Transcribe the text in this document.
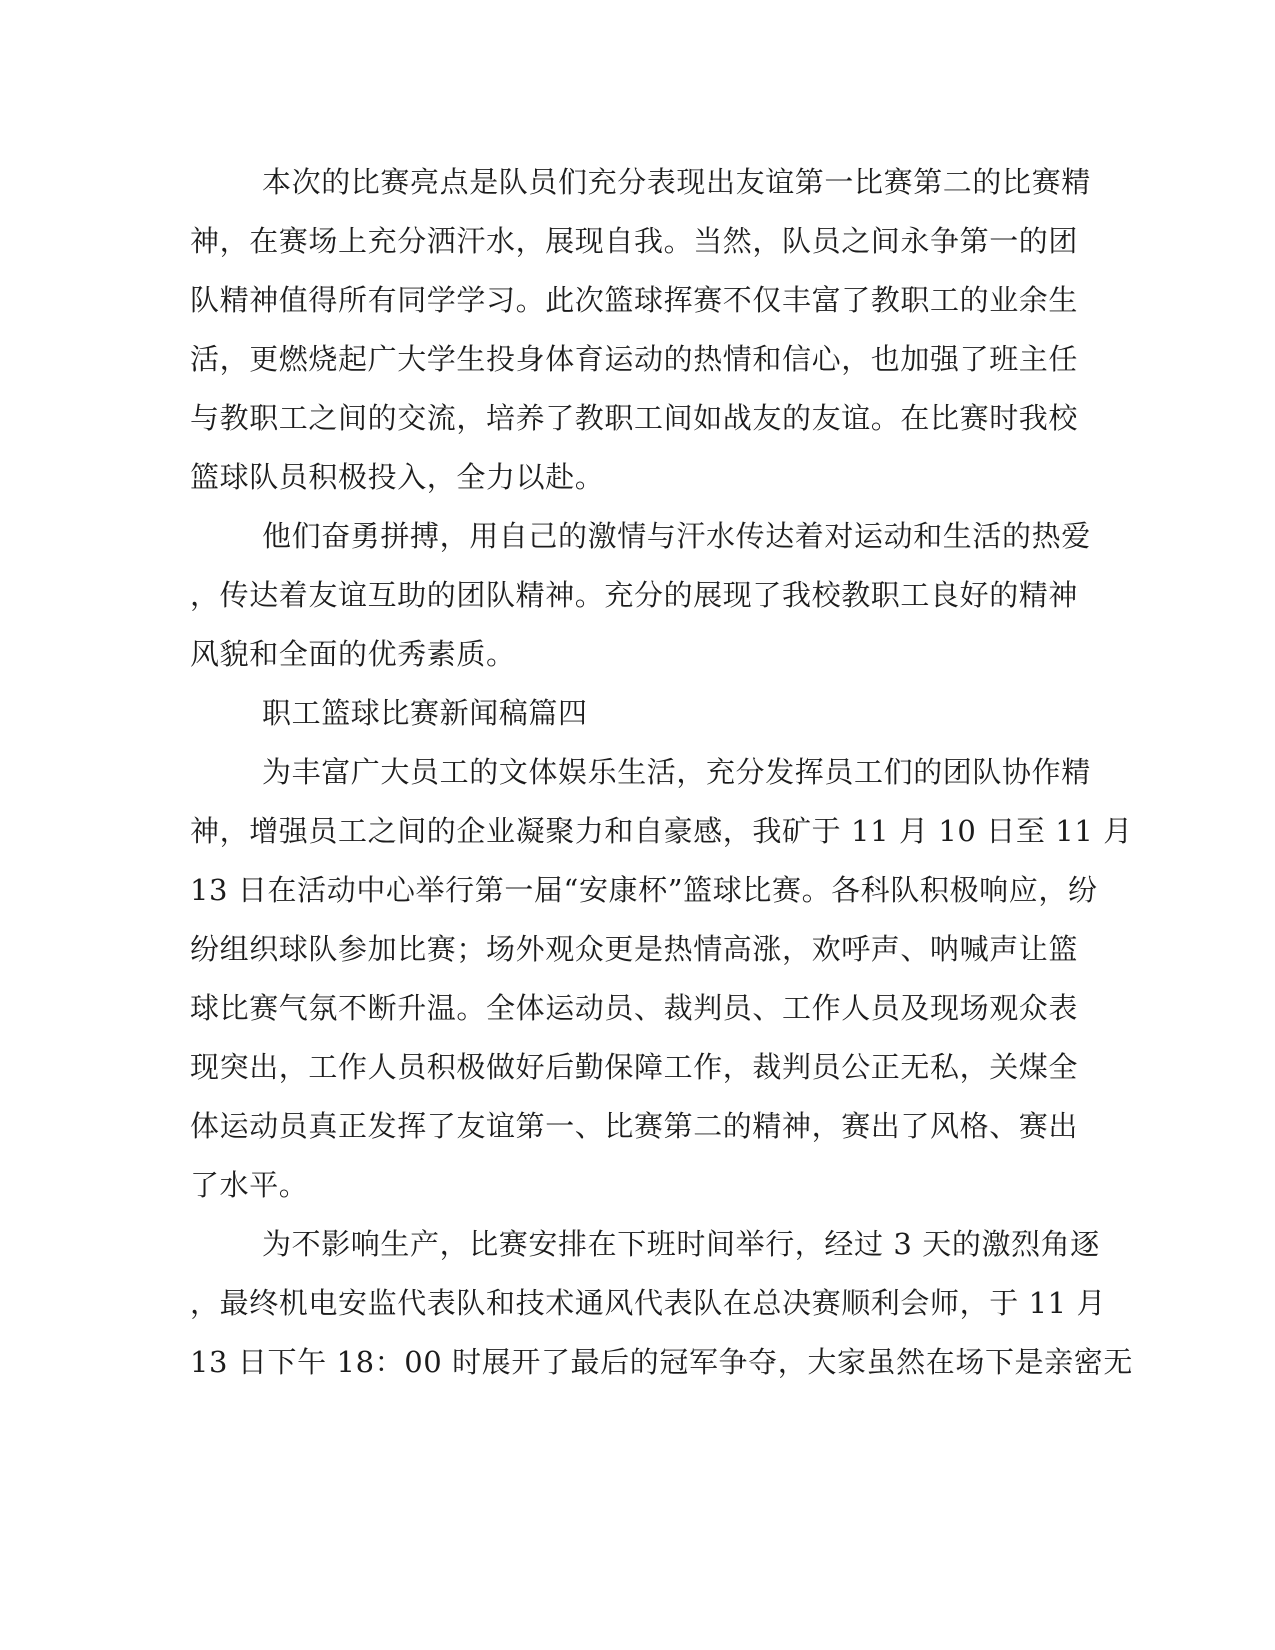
本次的比赛亮点是队员们充分表现出友谊第一比赛第二的比赛精

神，在赛场上充分洒汗水，展现自我。当然，队员之间永争第一的团

队精神值得所有同学学习。此次篮球挥赛不仅丰富了教职工的业余生

活，更燃烧起广大学生投身体育运动的热情和信心，也加强了班主任

与教职工之间的交流，培养了教职工间如战友的友谊。在比赛时我校

篮球队员积极投入，全力以赴。

他们奋勇拼搏，用自己的激情与汗水传达着对运动和生活的热爱

，传达着友谊互助的团队精神。充分的展现了我校教职工良好的精神

风貌和全面的优秀素质。

职工篮球比赛新闻稿篇四

为丰富广大员工的文体娱乐生活，充分发挥员工们的团队协作精

神，增强员工之间的企业凝聚力和自豪感，我矿于 11 月 10 日至 11 月

13 日在活动中心举行第一届“安康杯”篮球比赛。各科队积极响应，纷

纷组织球队参加比赛；场外观众更是热情高涨，欢呼声、呐喊声让篮

球比赛气氛不断升温。全体运动员、裁判员、工作人员及现场观众表

现突出，工作人员积极做好后勤保障工作，裁判员公正无私，关煤全

体运动员真正发挥了友谊第一、比赛第二的精神，赛出了风格、赛出

了水平。

为不影响生产，比赛安排在下班时间举行，经过 3 天的激烈角逐

，最终机电安监代表队和技术通风代表队在总决赛顺利会师，于 11 月

13 日下午 18：00 时展开了最后的冠军争夺，大家虽然在场下是亲密无
